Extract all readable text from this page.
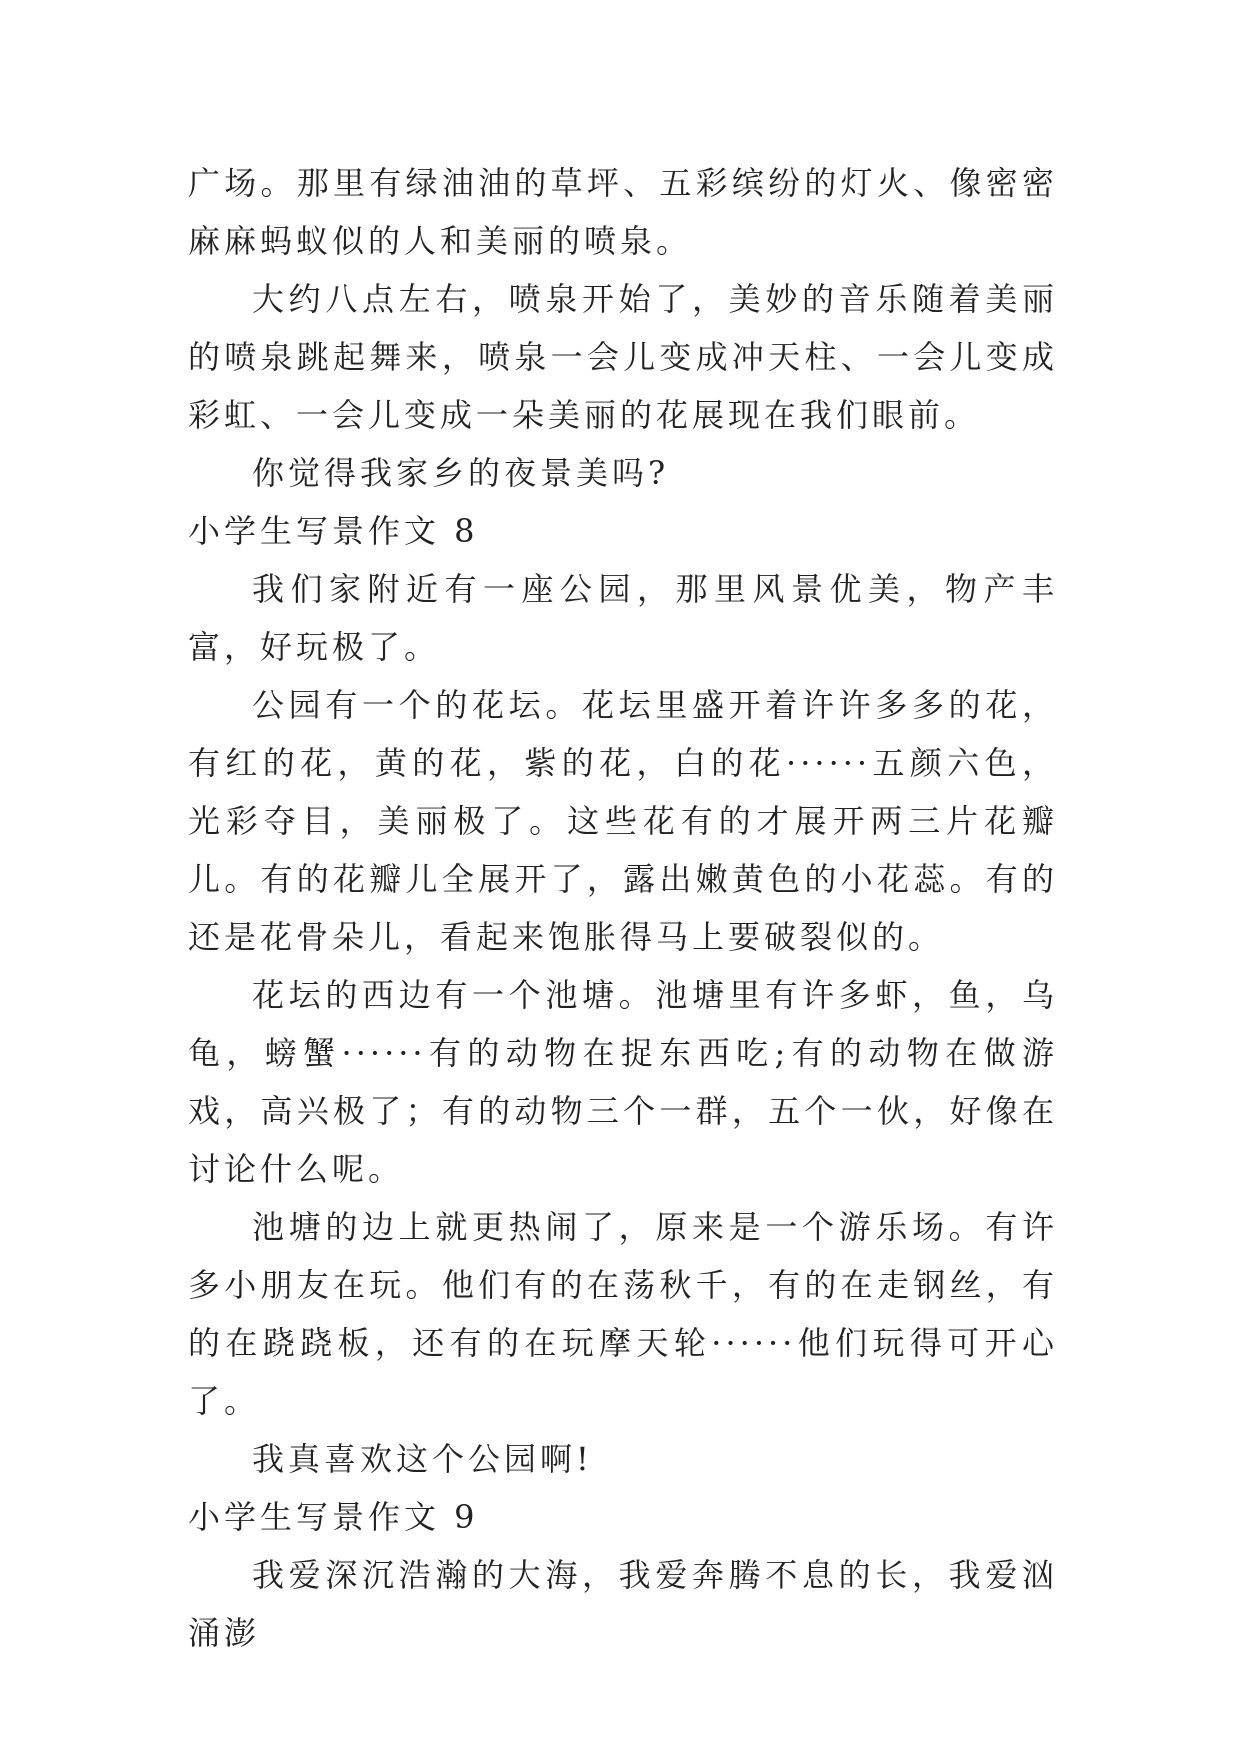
广场。那里有绿油油的草坪、五彩缤纷的灯火、像密密麻麻蚂蚁似的人和美丽的喷泉。

大约八点左右，喷泉开始了，美妙的音乐随着美丽的喷泉跳起舞来，喷泉一会儿变成冲天柱、一会儿变成彩虹、一会儿变成一朵美丽的花展现在我们眼前。

你觉得我家乡的夜景美吗?

小学生写景作文 8

我们家附近有一座公园，那里风景优美，物产丰富，好玩极了。

公园有一个的花坛。花坛里盛开着许许多多的花，有红的花，黄的花，紫的花，白的花······五颜六色，光彩夺目，美丽极了。这些花有的才展开两三片花瓣儿。有的花瓣儿全展开了，露出嫩黄色的小花蕊。有的还是花骨朵儿，看起来饱胀得马上要破裂似的。

花坛的西边有一个池塘。池塘里有许多虾，鱼，乌龟，螃蟹······有的动物在捉东西吃;有的动物在做游戏，高兴极了；有的动物三个一群，五个一伙，好像在讨论什么呢。

池塘的边上就更热闹了，原来是一个游乐场。有许多小朋友在玩。他们有的在荡秋千，有的在走钢丝，有的在跷跷板，还有的在玩摩天轮······他们玩得可开心了。

我真喜欢这个公园啊!

小学生写景作文 9

我爱深沉浩瀚的大海，我爱奔腾不息的长，我爱汹涌澎
